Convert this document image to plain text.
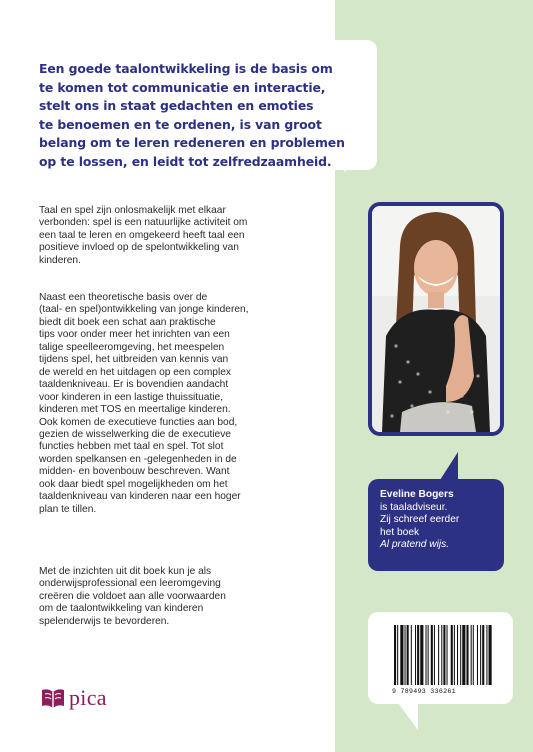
Een goede taalontwikkeling is de basis om
te komen tot communicatie en interactie,
stelt ons in staat gedachten en emoties
te benoemen en te ordenen, is van groot
belang om te leren redeneren en problemen
op te lossen, en leidt tot zelfredzaamheid.
Taal en spel zijn onlosmakelijk met elkaar
verbonden: spel is een natuurlijke activiteit om
een taal te leren en omgekeerd heeft taal een
positieve invloed op de spelontwikkeling van
kinderen.
Naast een theoretische basis over de
(taal- en spel)ontwikkeling van jonge kinderen,
biedt dit boek een schat aan praktische
tips voor onder meer het inrichten van een
talige speelleeromgeving, het meespelen
tijdens spel, het uitbreiden van kennis van
de wereld en het uitdagen op een complex
taaldenkniveau. Er is bovendien aandacht
voor kinderen in een lastige thuissituatie,
kinderen met TOS en meertalige kinderen.
Ook komen de executieve functies aan bod,
gezien de wisselwerking die de executieve
functies hebben met taal en spel. Tot slot
worden spelkansen en -gelegenheden in de
midden- en bovenbouw beschreven. Want
ook daar biedt spel mogelijkheden om het
taaldenkniveau van kinderen naar een hoger
plan te tillen.
Met de inzichten uit dit boek kun je als
onderwijsprofessional een leeromgeving
creëren die voldoet aan alle voorwaarden
om de taalontwikkeling van kinderen
spelenderwijs te bevorderen.
Eveline Bogers
is taaladviseur.
Zij schreef eerder
het boek
Al pratend wijs.
9 789493 336261
pica
